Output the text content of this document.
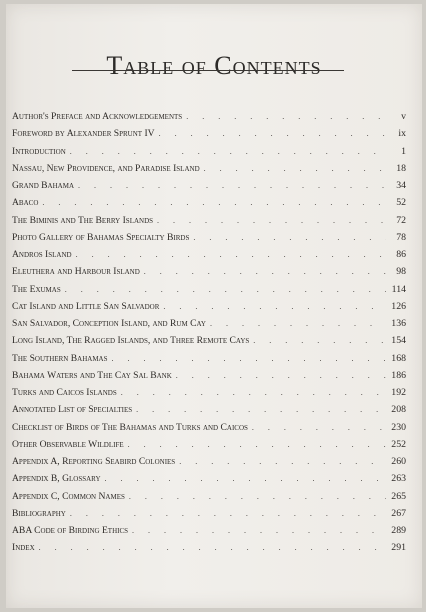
Table of Contents
Author's Preface and Acknowledgements . . .	v
Foreword by Alexander Sprunt IV . . .	ix
Introduction . . .	1
Nassau, New Providence, and Paradise Island . . .	18
Grand Bahama . . .	34
Abaco . . .	52
The Biminis and The Berry Islands . . .	72
Photo Gallery of Bahamas Specialty Birds . . .	78
Andros Island . . .	86
Eleuthera and Harbour Island . . .	98
The Exumas . . .	114
Cat Island and Little San Salvador . . .	126
San Salvador, Conception Island, and Rum Cay . . .	136
Long Island, The Ragged Islands, and Three Remote Cays . . .	154
The Southern Bahamas . . .	168
Bahama Waters and The Cay Sal Bank . . .	186
Turks and Caicos Islands . . .	192
Annotated List of Specialties . . .	208
Checklist of Birds of The Bahamas and Turks and Caicos . . .	230
Other Observable Wildlife . . .	252
Appendix A, Reporting Seabird Colonies . . .	260
Appendix B, Glossary . . .	263
Appendix C, Common Names . . .	265
Bibliography . . .	267
ABA Code of Birding Ethics . . .	289
Index . . .	291
